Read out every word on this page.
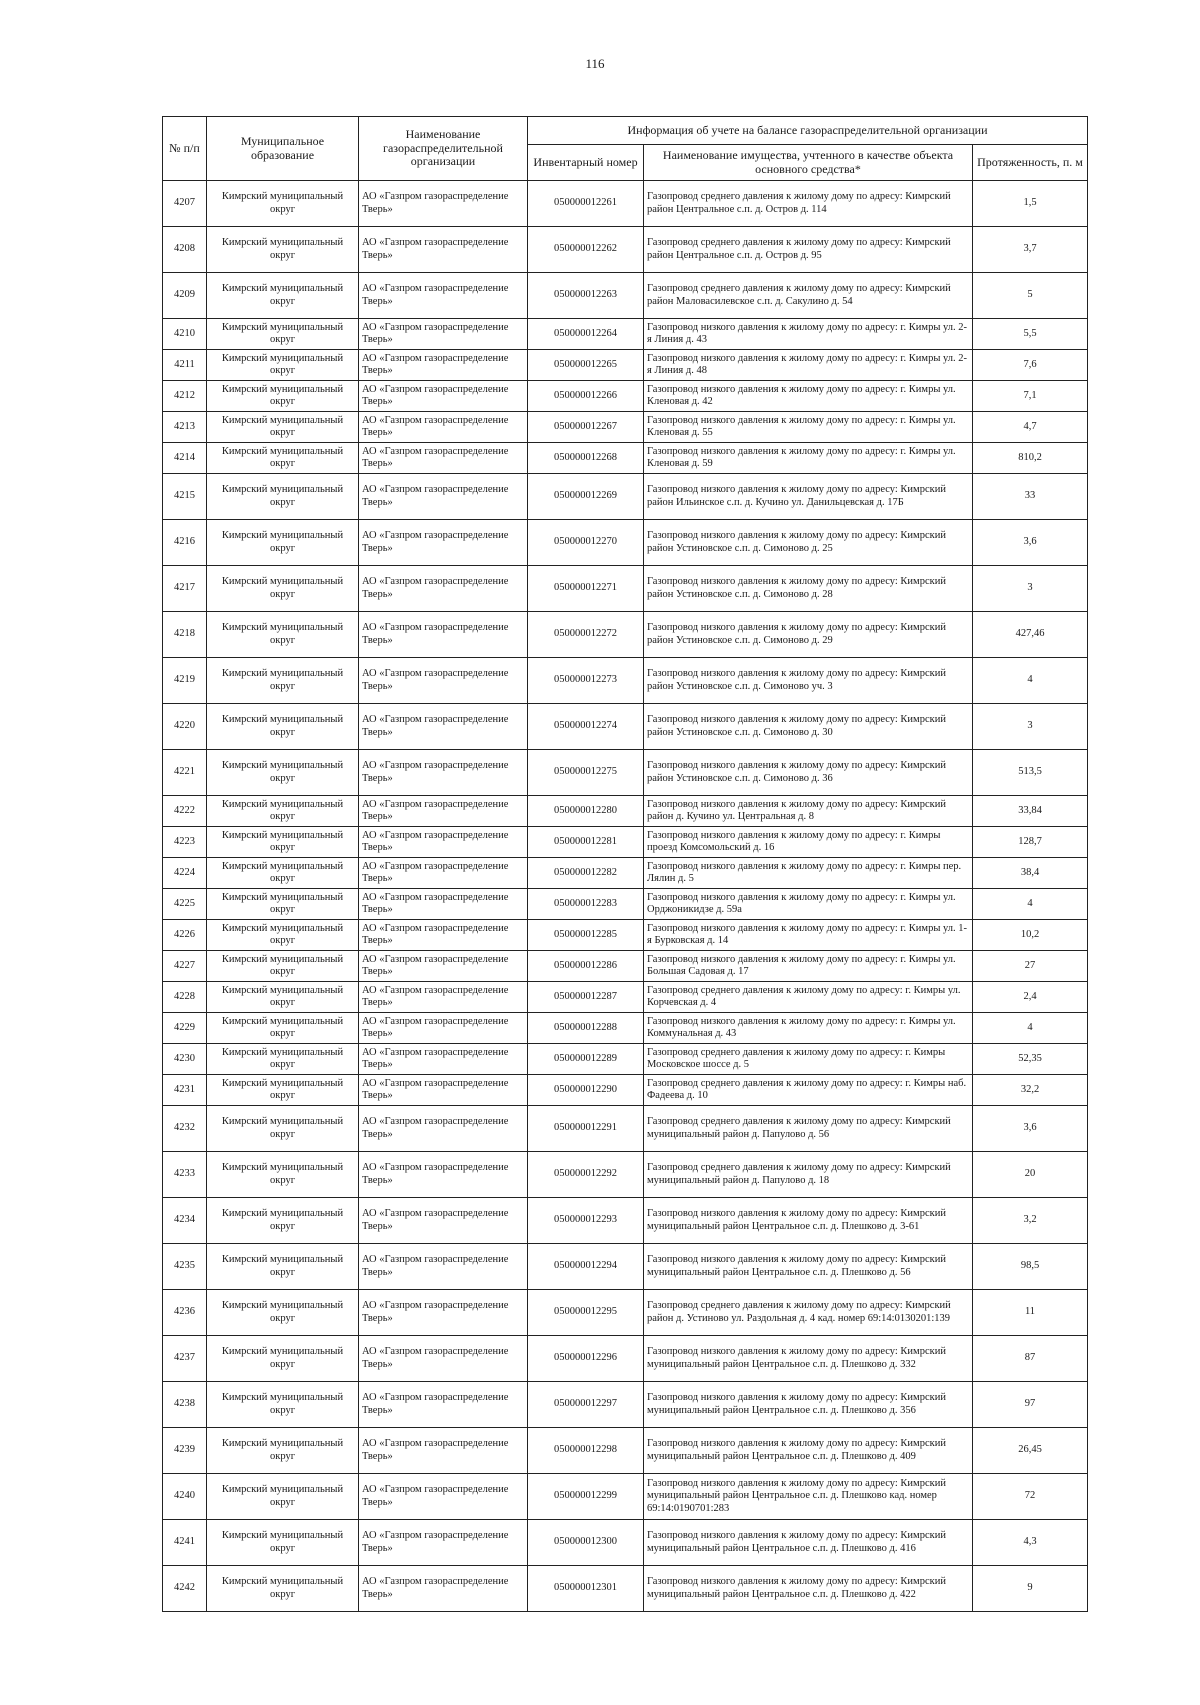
116
№ п/п	Муниципальное образование	Наименование газораспределительной организации	Информация об учете на балансе газораспределительной организации		
			Инвентарный номер	Наименование имущества, учтенного в качестве объекта основного средства*	Протяженность, п. м
4207	Кимрский муниципальный округ	АО «Газпром газораспределение Тверь»	050000012261	Газопровод среднего давления к жилому дому по адресу: Кимрский район Центральное с.п. д. Остров д. 114	1,5
4208	Кимрский муниципальный округ	АО «Газпром газораспределение Тверь»	050000012262	Газопровод среднего давления к жилому дому по адресу: Кимрский район Центральное с.п. д. Остров д. 95	3,7
4209	Кимрский муниципальный округ	АО «Газпром газораспределение Тверь»	050000012263	Газопровод среднего давления к жилому дому по адресу: Кимрский район Маловасилевское с.п. д. Сакулино д. 54	5
4210	Кимрский муниципальный округ	АО «Газпром газораспределение Тверь»	050000012264	Газопровод низкого давления к жилому дому по адресу: г. Кимры ул. 2-я Линия д. 43	5,5
4211	Кимрский муниципальный округ	АО «Газпром газораспределение Тверь»	050000012265	Газопровод низкого давления к жилому дому по адресу: г. Кимры ул. 2-я Линия д. 48	7,6
4212	Кимрский муниципальный округ	АО «Газпром газораспределение Тверь»	050000012266	Газопровод низкого давления к жилому дому по адресу: г. Кимры ул. Кленовая д. 42	7,1
4213	Кимрский муниципальный округ	АО «Газпром газораспределение Тверь»	050000012267	Газопровод низкого давления к жилому дому по адресу: г. Кимры ул. Кленовая д. 55	4,7
4214	Кимрский муниципальный округ	АО «Газпром газораспределение Тверь»	050000012268	Газопровод низкого давления к жилому дому по адресу: г. Кимры ул. Кленовая д. 59	810,2
4215	Кимрский муниципальный округ	АО «Газпром газораспределение Тверь»	050000012269	Газопровод низкого давления к жилому дому по адресу: Кимрский район Ильинское с.п. д. Кучино ул. Данильцевская д. 17Б	33
4216	Кимрский муниципальный округ	АО «Газпром газораспределение Тверь»	050000012270	Газопровод низкого давления к жилому дому по адресу: Кимрский район Устиновское с.п. д. Симоново д. 25	3,6
4217	Кимрский муниципальный округ	АО «Газпром газораспределение Тверь»	050000012271	Газопровод низкого давления к жилому дому по адресу: Кимрский район Устиновское с.п. д. Симоново д. 28	3
4218	Кимрский муниципальный округ	АО «Газпром газораспределение Тверь»	050000012272	Газопровод низкого давления к жилому дому по адресу: Кимрский район Устиновское с.п. д. Симоново д. 29	427,46
4219	Кимрский муниципальный округ	АО «Газпром газораспределение Тверь»	050000012273	Газопровод низкого давления к жилому дому по адресу: Кимрский район Устиновское с.п. д. Симоново уч. 3	4
4220	Кимрский муниципальный округ	АО «Газпром газораспределение Тверь»	050000012274	Газопровод низкого давления к жилому дому по адресу: Кимрский район Устиновское с.п. д. Симоново д. 30	3
4221	Кимрский муниципальный округ	АО «Газпром газораспределение Тверь»	050000012275	Газопровод низкого давления к жилому дому по адресу: Кимрский район Устиновское с.п. д. Симоново д. 36	513,5
4222	Кимрский муниципальный округ	АО «Газпром газораспределение Тверь»	050000012280	Газопровод низкого давления к жилому дому по адресу: Кимрский район д. Кучино ул. Центральная д. 8	33,84
4223	Кимрский муниципальный округ	АО «Газпром газораспределение Тверь»	050000012281	Газопровод низкого давления к жилому дому по адресу: г. Кимры проезд Комсомольский д. 16	128,7
4224	Кимрский муниципальный округ	АО «Газпром газораспределение Тверь»	050000012282	Газопровод низкого давления к жилому дому по адресу: г. Кимры пер. Лялин д. 5	38,4
4225	Кимрский муниципальный округ	АО «Газпром газораспределение Тверь»	050000012283	Газопровод низкого давления к жилому дому по адресу: г. Кимры ул. Орджоникидзе д. 59а	4
4226	Кимрский муниципальный округ	АО «Газпром газораспределение Тверь»	050000012285	Газопровод низкого давления к жилому дому по адресу: г. Кимры ул. 1-я Бурковская д. 14	10,2
4227	Кимрский муниципальный округ	АО «Газпром газораспределение Тверь»	050000012286	Газопровод низкого давления к жилому дому по адресу: г. Кимры ул. Большая Садовая д. 17	27
4228	Кимрский муниципальный округ	АО «Газпром газораспределение Тверь»	050000012287	Газопровод среднего давления к жилому дому по адресу: г. Кимры ул. Корчевская д. 4	2,4
4229	Кимрский муниципальный округ	АО «Газпром газораспределение Тверь»	050000012288	Газопровод низкого давления к жилому дому по адресу: г. Кимры ул. Коммунальная д. 43	4
4230	Кимрский муниципальный округ	АО «Газпром газораспределение Тверь»	050000012289	Газопровод среднего давления к жилому дому по адресу: г. Кимры Московское шоссе д. 5	52,35
4231	Кимрский муниципальный округ	АО «Газпром газораспределение Тверь»	050000012290	Газопровод среднего давления к жилому дому по адресу: г. Кимры наб. Фадеева д. 10	32,2
4232	Кимрский муниципальный округ	АО «Газпром газораспределение Тверь»	050000012291	Газопровод среднего давления к жилому дому по адресу: Кимрский муниципальный район д. Папулово д. 56	3,6
4233	Кимрский муниципальный округ	АО «Газпром газораспределение Тверь»	050000012292	Газопровод среднего давления к жилому дому по адресу: Кимрский муниципальный район д. Папулово д. 18	20
4234	Кимрский муниципальный округ	АО «Газпром газораспределение Тверь»	050000012293	Газопровод низкого давления к жилому дому по адресу: Кимрский муниципальный район Центральное с.п. д. Плешково д. 3-61	3,2
4235	Кимрский муниципальный округ	АО «Газпром газораспределение Тверь»	050000012294	Газопровод низкого давления к жилому дому по адресу: Кимрский муниципальный район Центральное с.п. д. Плешково д. 56	98,5
4236	Кимрский муниципальный округ	АО «Газпром газораспределение Тверь»	050000012295	Газопровод среднего давления к жилому дому по адресу: Кимрский район д. Устиново ул. Раздольная д. 4 кад. номер 69:14:0130201:139	11
4237	Кимрский муниципальный округ	АО «Газпром газораспределение Тверь»	050000012296	Газопровод низкого давления к жилому дому по адресу: Кимрский муниципальный район Центральное с.п. д. Плешково д. 332	87
4238	Кимрский муниципальный округ	АО «Газпром газораспределение Тверь»	050000012297	Газопровод низкого давления к жилому дому по адресу: Кимрский муниципальный район Центральное с.п. д. Плешково д. 356	97
4239	Кимрский муниципальный округ	АО «Газпром газораспределение Тверь»	050000012298	Газопровод низкого давления к жилому дому по адресу: Кимрский муниципальный район Центральное с.п. д. Плешково д. 409	26,45
4240	Кимрский муниципальный округ	АО «Газпром газораспределение Тверь»	050000012299	Газопровод низкого давления к жилому дому по адресу: Кимрский муниципальный район Центральное с.п. д. Плешково кад. номер 69:14:0190701:283	72
4241	Кимрский муниципальный округ	АО «Газпром газораспределение Тверь»	050000012300	Газопровод низкого давления к жилому дому по адресу: Кимрский муниципальный район Центральное с.п. д. Плешково д. 416	4,3
4242	Кимрский муниципальный округ	АО «Газпром газораспределение Тверь»	050000012301	Газопровод низкого давления к жилому дому по адресу: Кимрский муниципальный район Центральное с.п. д. Плешково д. 422	9
